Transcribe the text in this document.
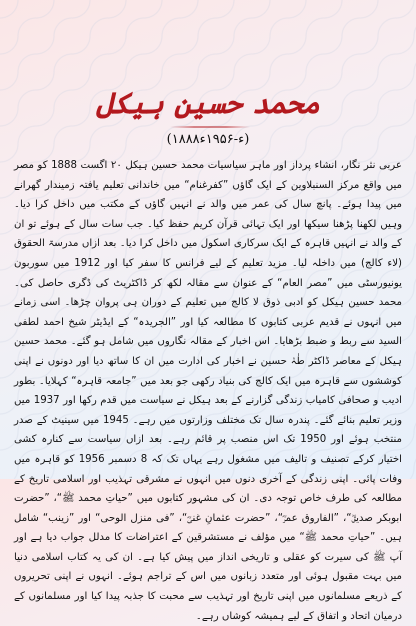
محمد حسین ہیکل
(۱۸۸۸ء-۱۹۵۶ء)

عربی نثر نگار، انشاء پرداز اور ماہر سیاسیات محمد حسین ہیکل ۲۰ اگست 1888 کو مصر میں واقع مرکز السنبلاوین کے ایک گاؤں ”کفرغنام“ میں خاندانی تعلیم یافتہ زمیندار گھرانے میں پیدا ہوئے۔ پانچ سال کی عمر میں والد نے انہیں گاؤں کے مکتب میں داخل کرا دیا۔ وہیں لکھنا پڑھنا سیکھا اور ایک تہائی قرآن کریم حفظ کیا۔ جب سات سال کے ہوئے تو ان کے والد نے انہیں قاہرہ کے ایک سرکاری اسکول میں داخل کرا دیا۔ بعد ازاں مدرسۃ الحقوق (لاء کالج) میں داخلہ لیا۔ مزید تعلیم کے لیے فرانس کا سفر کیا اور 1912 میں سوربون یونیورسٹی میں ”مصر العام“ کے عنوان سے مقالہ لکھ کر ڈاکٹریٹ کی ڈگری حاصل کی۔ محمد حسین ہیکل کو ادبی ذوق لا کالج میں تعلیم کے دوران ہی پروان چڑھا۔ اسی زمانے میں انہوں نے قدیم عربی کتابوں کا مطالعہ کیا اور ”الجریدہ“ کے ایڈیٹر شیخ احمد لطفی السید سے ربط و ضبط بڑھایا۔ اس اخبار کے مقالہ نگاروں میں شامل ہو گئے۔ محمد حسین ہیکل کے معاصر ڈاکٹر طٰہٰ حسین نے اخبار کی ادارت میں ان کا ساتھ دیا اور دونوں نے اپنی کوششوں سے قاہرہ میں ایک کالج کی بنیاد رکھی جو بعد میں ”جامعہ قاہرہ“ کہلایا۔ بطور ادیب و صحافی کامیاب زندگی گزارنے کے بعد ہیکل نے سیاست میں قدم رکھا اور 1937 میں وزیر تعلیم بنائے گئے۔ پندرہ سال تک مختلف وزارتوں میں رہے۔ 1945 میں سینیٹ کے صدر منتخب ہوئے اور 1950 تک اس منصب پر قائم رہے۔ بعد ازاں سیاست سے کنارہ کشی اختیار کرکے تصنیف و تالیف میں مشغول رہے یہاں تک کہ 8 دسمبر 1956 کو قاہرہ میں وفات پائی۔ اپنی زندگی کے آخری دنوں میں انہوں نے مشرقی تہذیب اور اسلامی تاریخ کے مطالعہ کی طرف خاص توجہ دی۔ ان کی مشہور کتابوں میں ”حیاتِ محمد ﷺ“، ”حضرت ابوبکر صدیقؓ“، ”الفاروق عمرؓ“، ”حضرت عثمانِ غنیؓ“، ”فی منزل الوحی“ اور ”زینب“ شامل ہیں۔ ”حیاتِ محمد ﷺ“ میں مؤلف نے مستشرقین کے اعتراضات کا مدلل جواب دیا ہے اور آپ ﷺ کی سیرت کو عقلی و تاریخی انداز میں پیش کیا ہے۔ ان کی یہ کتاب اسلامی دنیا میں بہت مقبول ہوئی اور متعدد زبانوں میں اس کے تراجم ہوئے۔ انہوں نے اپنی تحریروں کے ذریعے مسلمانوں میں اپنی تاریخ اور تہذیب سے محبت کا جذبہ پیدا کیا اور مسلمانوں کے درمیان اتحاد و اتفاق کے لیے ہمیشہ کوشاں رہے۔
